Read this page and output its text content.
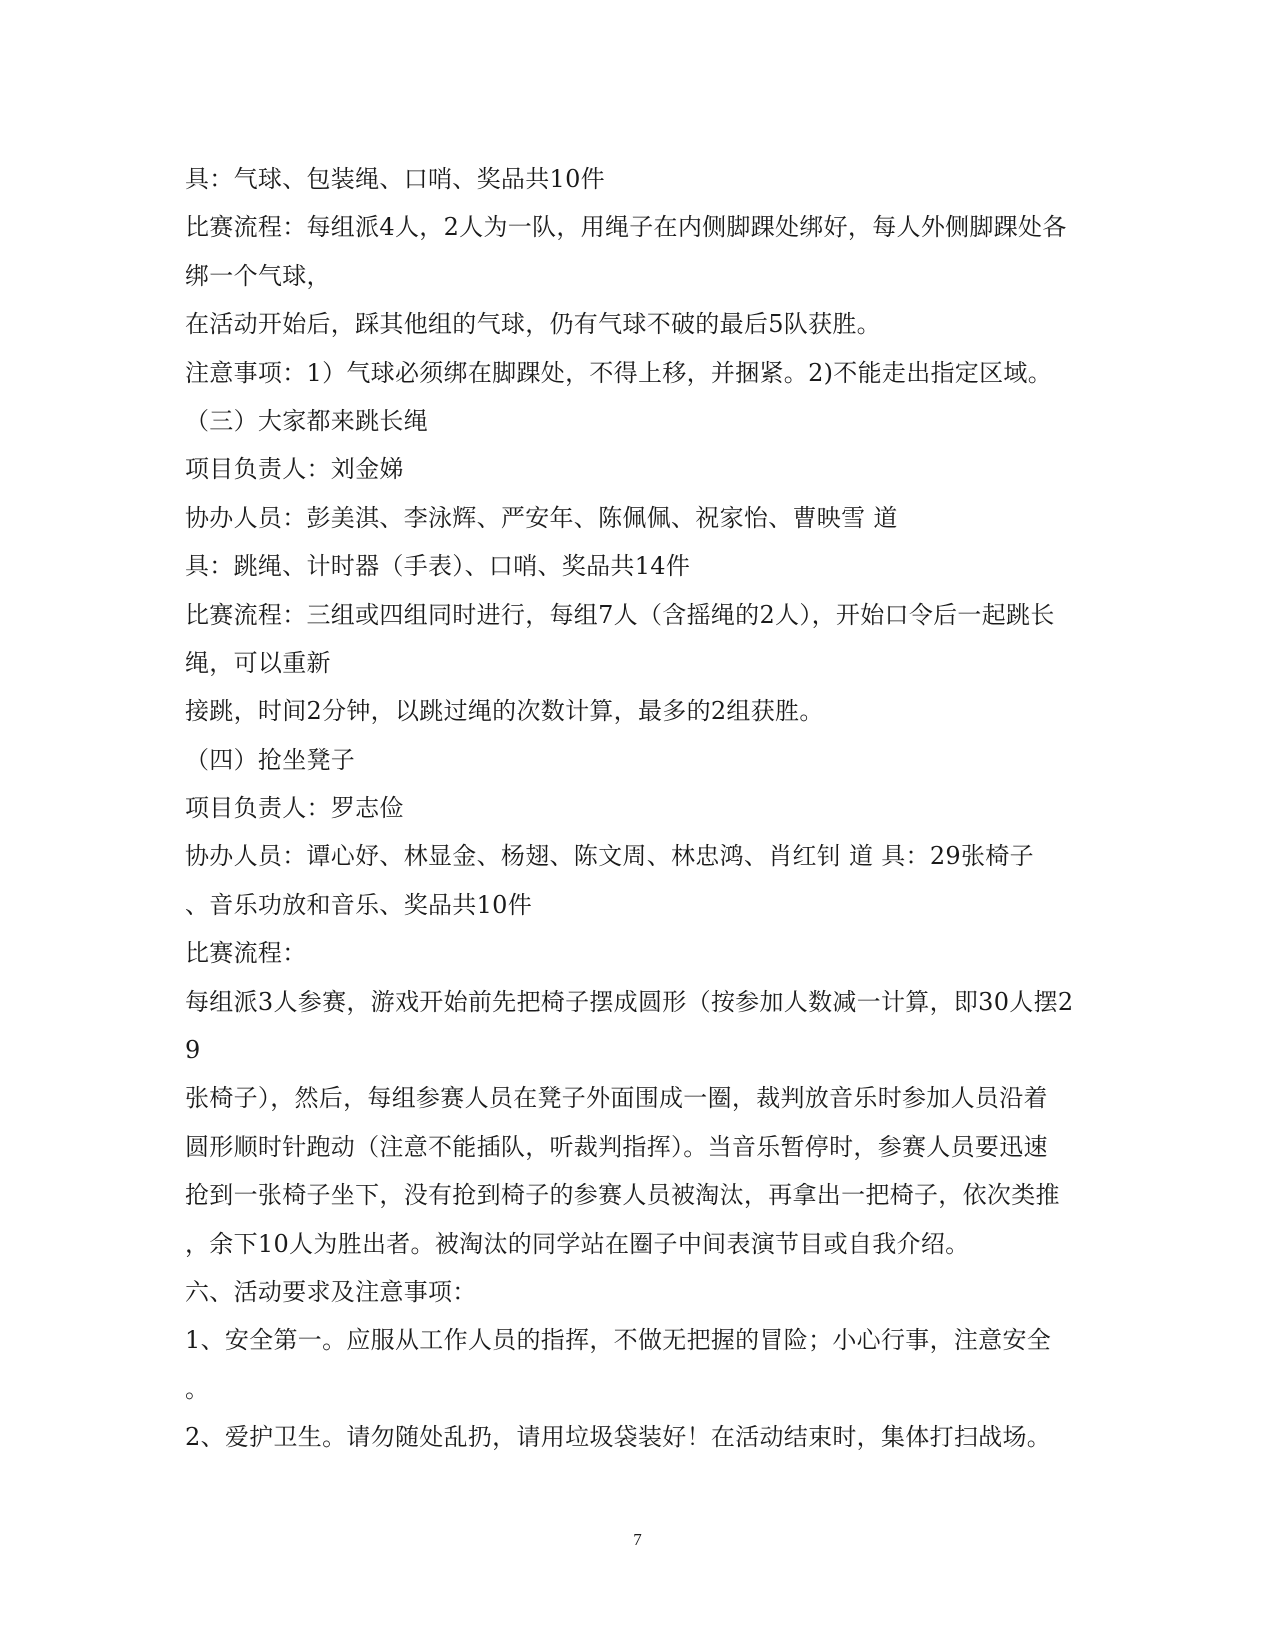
具：气球、包装绳、口哨、奖品共10件
比赛流程：每组派4人，2人为一队，用绳子在内侧脚踝处绑好，每人外侧脚踝处各
绑一个气球，
在活动开始后，踩其他组的气球，仍有气球不破的最后5队获胜。
注意事项：1）气球必须绑在脚踝处，不得上移，并捆紧。2)不能走出指定区域。
（三）大家都来跳长绳
项目负责人：刘金娣
协办人员：彭美淇、李泳辉、严安年、陈佩佩、祝家怡、曹映雪 道
具：跳绳、计时器（手表）、口哨、奖品共14件
比赛流程：三组或四组同时进行，每组7人（含摇绳的2人），开始口令后一起跳长
绳，可以重新
接跳，时间2分钟，以跳过绳的次数计算，最多的2组获胜。
（四）抢坐凳子
项目负责人：罗志俭
协办人员：谭心妤、林显金、杨翅、陈文周、林忠鸿、肖红钊 道 具：29张椅子
、音乐功放和音乐、奖品共10件
比赛流程：
每组派3人参赛，游戏开始前先把椅子摆成圆形（按参加人数减一计算，即30人摆2
9
张椅子），然后，每组参赛人员在凳子外面围成一圈，裁判放音乐时参加人员沿着
圆形顺时针跑动（注意不能插队，听裁判指挥）。当音乐暂停时，参赛人员要迅速
抢到一张椅子坐下，没有抢到椅子的参赛人员被淘汰，再拿出一把椅子，依次类推
，余下10人为胜出者。被淘汰的同学站在圈子中间表演节目或自我介绍。
六、活动要求及注意事项：
1、安全第一。应服从工作人员的指挥，不做无把握的冒险；小心行事，注意安全
。
2、爱护卫生。请勿随处乱扔，请用垃圾袋装好！在活动结束时，集体打扫战场。
7
